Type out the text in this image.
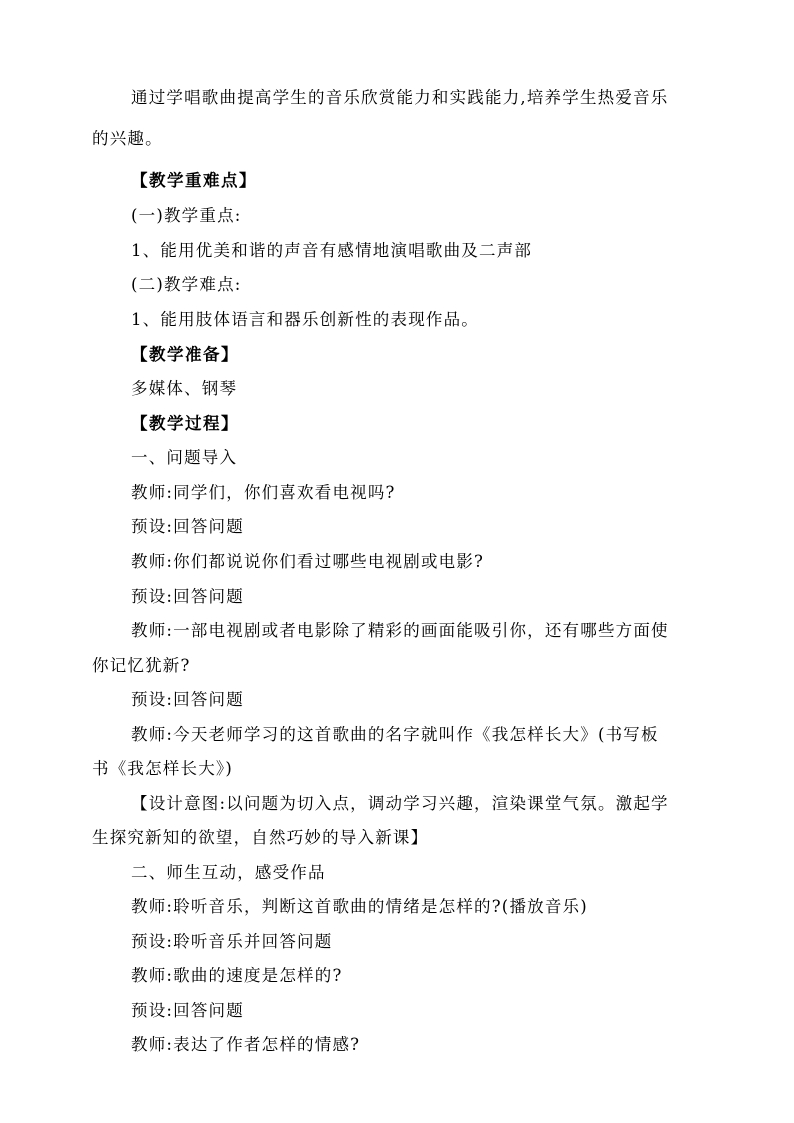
通过学唱歌曲提高学生的音乐欣赏能力和实践能力,培养学生热爱音乐
的兴趣。
【教学重难点】
(一)教学重点:
1、能用优美和谐的声音有感情地演唱歌曲及二声部
(二)教学难点:
1、能用肢体语言和器乐创新性的表现作品。
【教学准备】
多媒体、钢琴
【教学过程】
一、问题导入
教师:同学们，你们喜欢看电视吗?
预设:回答问题
教师:你们都说说你们看过哪些电视剧或电影?
预设:回答问题
教师:一部电视剧或者电影除了精彩的画面能吸引你，还有哪些方面使
你记忆犹新?
预设:回答问题
教师:今天老师学习的这首歌曲的名字就叫作《我怎样长大》(书写板
书《我怎样长大》)
【设计意图:以问题为切入点，调动学习兴趣，渲染课堂气氛。激起学
生探究新知的欲望，自然巧妙的导入新课】
二、师生互动，感受作品
教师:聆听音乐，判断这首歌曲的情绪是怎样的?(播放音乐)
预设:聆听音乐并回答问题
教师:歌曲的速度是怎样的?
预设:回答问题
教师:表达了作者怎样的情感?
